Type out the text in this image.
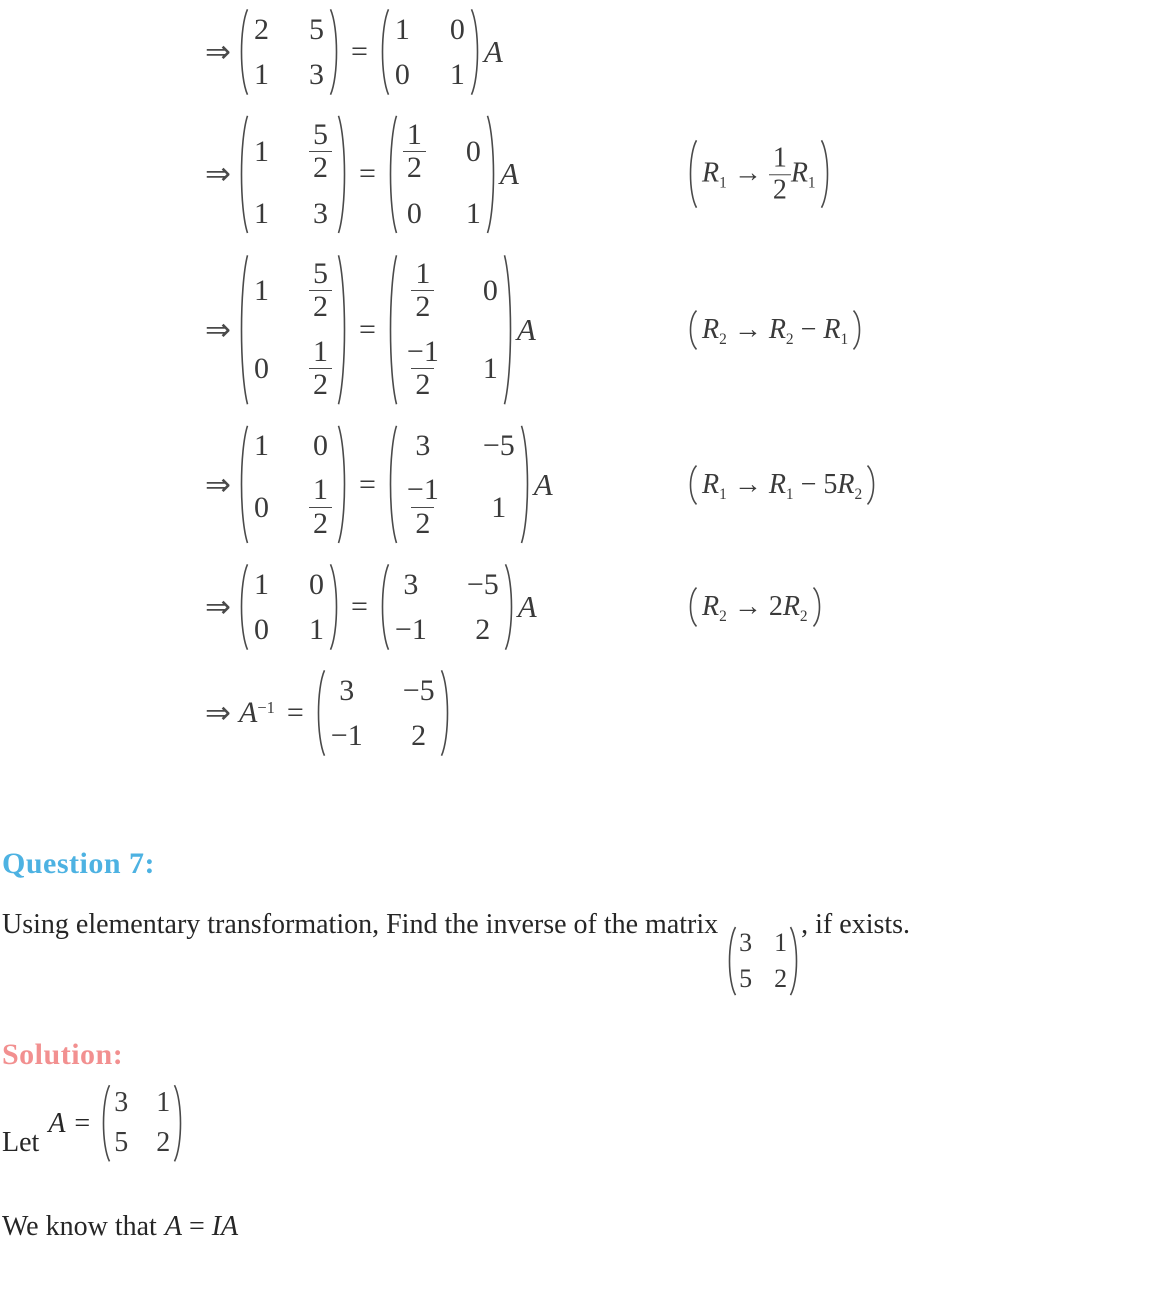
⇒
2 5
1 3
=
1 0
0 1
A
⇒
$1 \frac{5}{2}$
1 3
= $\frac{1}{2} 0$
0 1
A	$R_1 \to \frac{1}{2} R_1$
⇒
$1 \frac{5}{2}$
$0 \frac{1}{2}$
=
$\frac{1}{2} 0$
$\frac{-1}{2} 1$
A	$R_2 \to R_2 - R_1$
⇒
1 0
$0 \frac{1}{2}$ =
3 −5
$\frac{-1}{2} 1$
A	$R_1 \to R_1 - 5R_2$
⇒
1 0
0 1
=
3 −5
−1 2
A	$R_2 \to 2R_2$
⇒ $A^{-1}$ =
3 −5
−1 2
Question 7:
Using elementary transformation, Find the inverse of the matrix
3 1
5 2
, if exists.
Solution:
Let
A =
3 1
5 2
We know that A = IA
